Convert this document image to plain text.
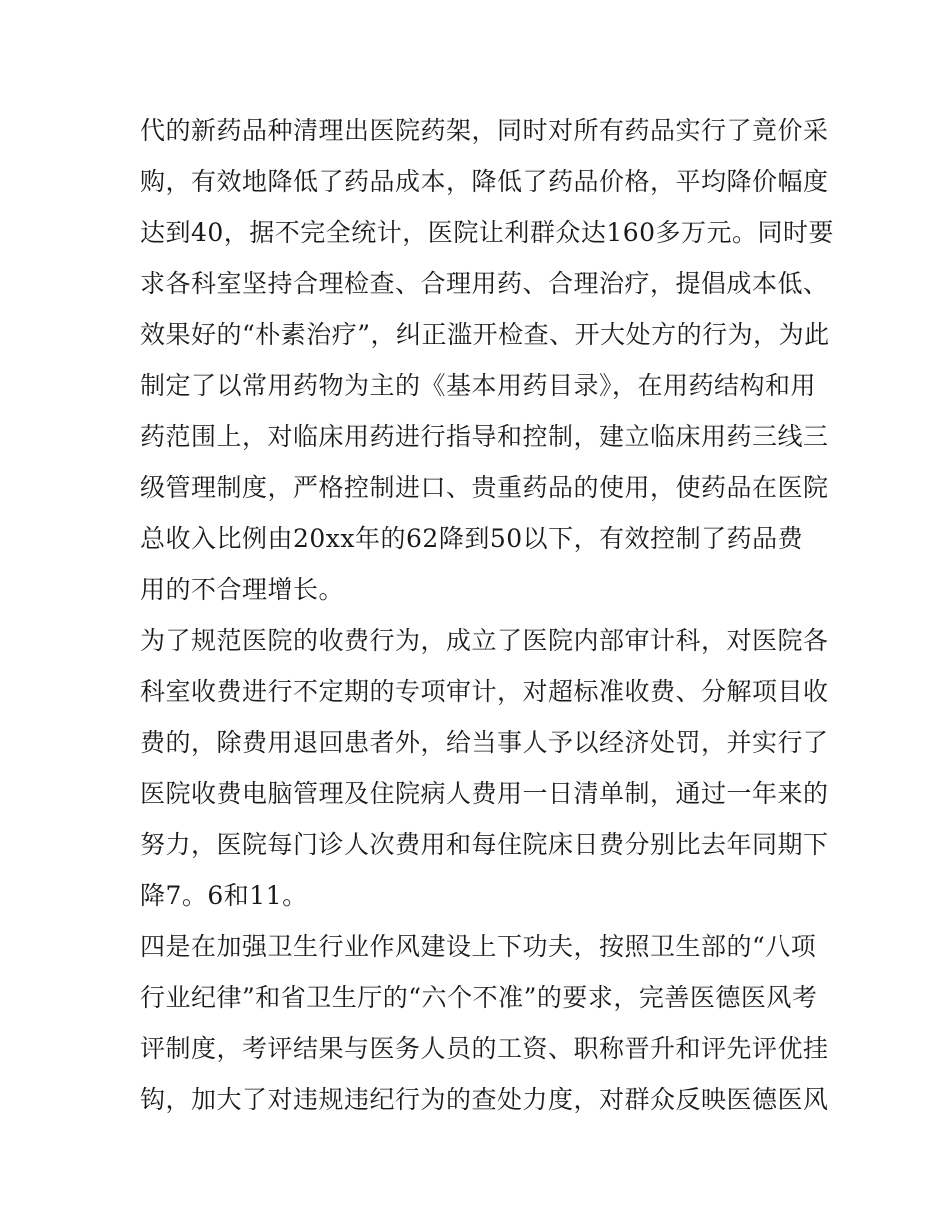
代的新药品种清理出医院药架，同时对所有药品实行了竟价采
购，有效地降低了药品成本，降低了药品价格，平均降价幅度
达到40，据不完全统计，医院让利群众达160多万元。同时要
求各科室坚持合理检查、合理用药、合理治疗，提倡成本低、
效果好的“朴素治疗”，纠正滥开检查、开大处方的行为，为此
制定了以常用药物为主的《基本用药目录》，在用药结构和用
药范围上，对临床用药进行指导和控制，建立临床用药三线三
级管理制度，严格控制进口、贵重药品的使用，使药品在医院
总收入比例由20xx年的62降到50以下，有效控制了药品费
用的不合理增长。
为了规范医院的收费行为，成立了医院内部审计科，对医院各
科室收费进行不定期的专项审计，对超标准收费、分解项目收
费的，除费用退回患者外，给当事人予以经济处罚，并实行了
医院收费电脑管理及住院病人费用一日清单制，通过一年来的
努力，医院每门诊人次费用和每住院床日费分别比去年同期下
降7。6和11。
四是在加强卫生行业作风建设上下功夫，按照卫生部的“八项
行业纪律”和省卫生厅的“六个不准”的要求，完善医德医风考
评制度，考评结果与医务人员的工资、职称晋升和评先评优挂
钩，加大了对违规违纪行为的查处力度，对群众反映医德医风
